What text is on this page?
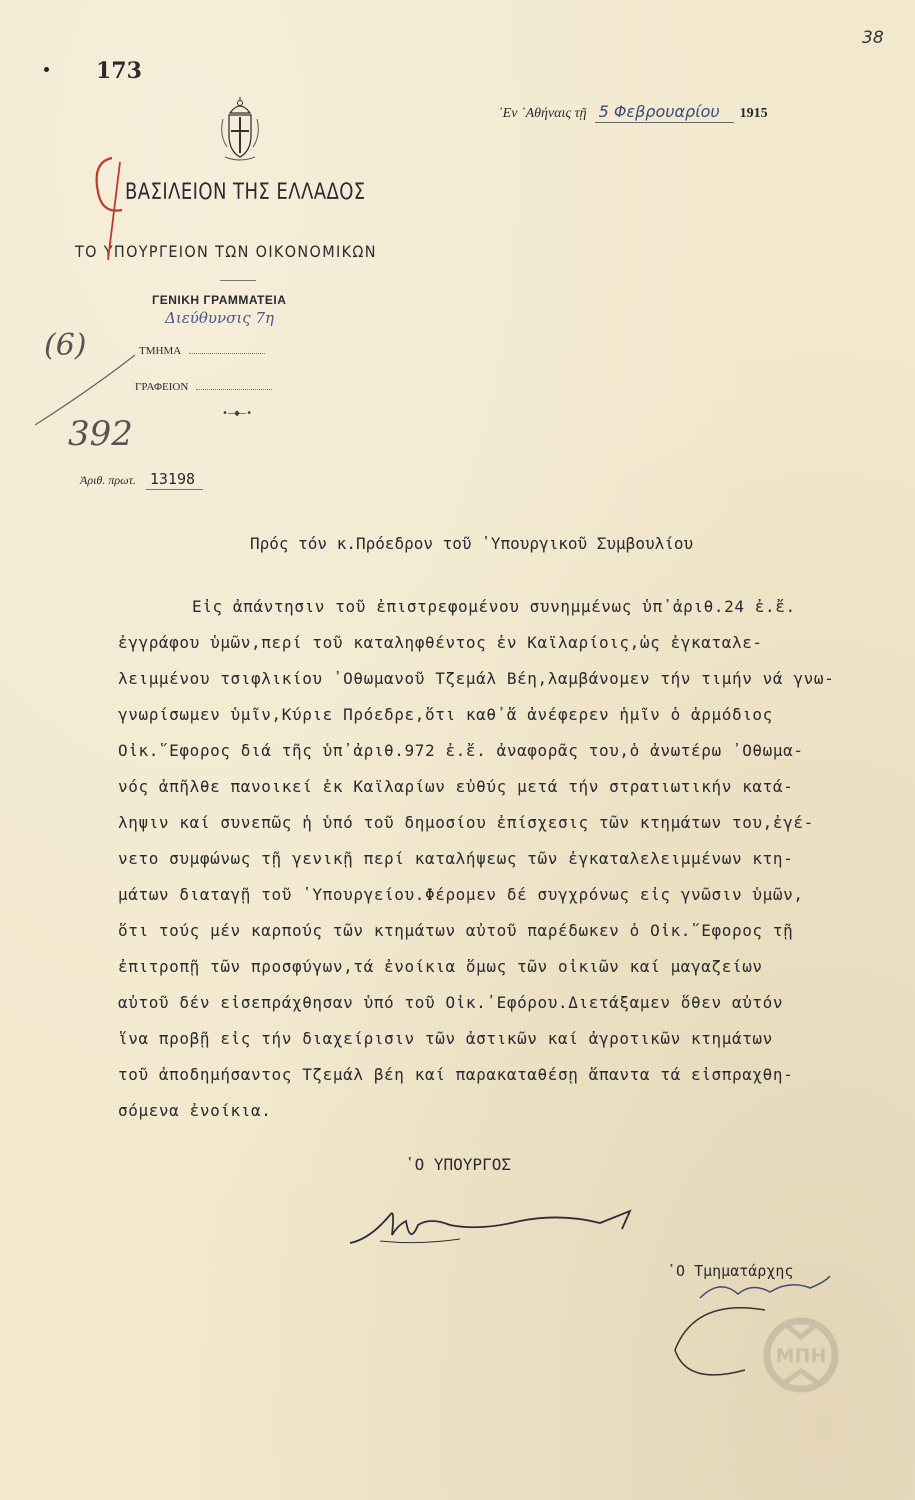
173
38
᾿Εν ᾿Αθήναις τῇ 5 Φεβρουαρίου 1915
ΒΑΣΙΛΕΙΟΝ ΤΗΣ ΕΛΛΑΔΟΣ
ΤΟ ΥΠΟΥΡΓΕΙΟΝ ΤΩΝ ΟΙΚΟΝΟΜΙΚΩΝ
ΓΕΝΙΚΗ ΓΡΑΜΜΑΤΕΙΑ
Διεύθυνσις 7η
ΤΜΗΜΑ
ΓΡΑΦΕΙΟΝ
•—◆—•
(6)
392
Ἀριθ. πρωτ. 13198
Πρός τόν κ.Πρόεδρον τοῦ ῾Υπουργικοῦ Συμβουλίου
Εἰς ἀπάντησιν τοῦ ἐπιστρεφομένου συνημμένως ὑπ᾿ἀριθ.24 ἐ.ἔ.
ἐγγράφου ὑμῶν,περί τοῦ καταληφθέντος ἐν Καϊλαρίοις,ὡς ἐγκαταλε-
λειμμένου τσιφλικίου ᾿Οθωμανοῦ Τζεμάλ Βέη,λαμβάνομεν τήν τιμήν νά γνω-
γνωρίσωμεν ὑμῖν,Κύριε Πρόεδρε,ὅτι καθ᾿ἅ ἀνέφερεν ἡμῖν ὁ ἁρμόδιος
Οἰκ.῞Εφορος διά τῆς ὑπ᾿ἀριθ.972 ἐ.ἔ. ἀναφορᾶς του,ὁ ἀνωτέρω ᾿Οθωμα-
νός ἀπῆλθε πανοικεί ἐκ Καϊλαρίων εὐθύς μετά τήν στρατιωτικήν κατά-
ληψιν καί συνεπῶς ἡ ὑπό τοῦ δημοσίου ἐπίσχεσις τῶν κτημάτων του,ἐγέ-
νετο συμφώνως τῇ γενικῇ περί καταλήψεως τῶν ἐγκαταλελειμμένων κτη-
μάτων διαταγῇ τοῦ ῾Υπουργείου.Φέρομεν δέ συγχρόνως εἰς γνῶσιν ὑμῶν,
ὅτι τούς μέν καρπούς τῶν κτημάτων αὐτοῦ παρέδωκεν ὁ Οἰκ.῞Εφορος τῇ
ἐπιτροπῇ τῶν προσφύγων,τά ἐνοίκια ὅμως τῶν οἰκιῶν καί μαγαζείων
αὐτοῦ δέν εἰσεπράχθησαν ὑπό τοῦ Οἰκ.᾿Εφόρου.Διετάξαμεν ὅθεν αὐτόν
ἵνα προβῇ εἰς τήν διαχείρισιν τῶν ἀστικῶν καί ἀγροτικῶν κτημάτων
τοῦ ἀποδημήσαντος Τζεμάλ βέη καί παρακαταθέσῃ ἅπαντα τά εἰσπραχθη-
σόμενα ἐνοίκια.
῾Ο ΥΠΟΥΡΓΟΣ
῾Ο Τμηματάρχης
ΜΠΗ
